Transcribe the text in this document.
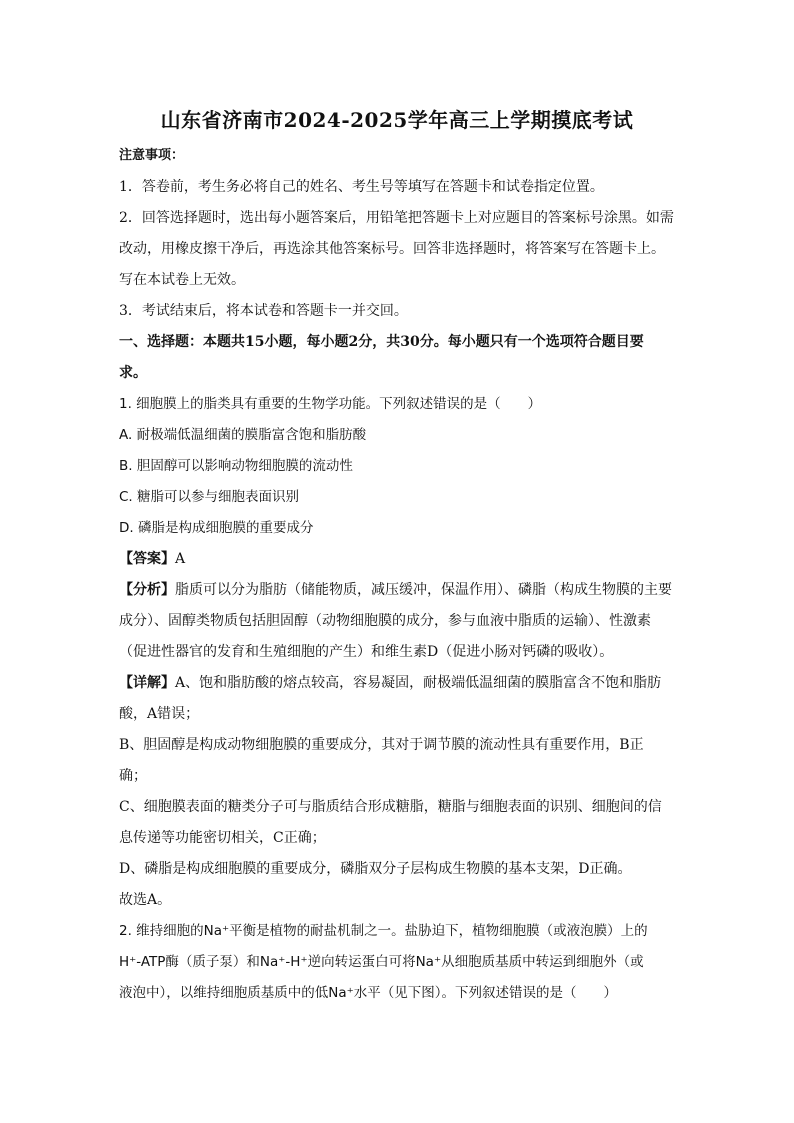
山东省济南市2024-2025学年高三上学期摸底考试
注意事项：
1．答卷前，考生务必将自己的姓名、考生号等填写在答题卡和试卷指定位置。
2．回答选择题时，选出每小题答案后，用铅笔把答题卡上对应题目的答案标号涂黑。如需
改动，用橡皮擦干净后，再选涂其他答案标号。回答非选择题时，将答案写在答题卡上。
写在本试卷上无效。
3．考试结束后，将本试卷和答题卡一并交回。
一、选择题：本题共15小题，每小题2分，共30分。每小题只有一个选项符合题目要
求。
1. 细胞膜上的脂类具有重要的生物学功能。下列叙述错误的是（　　）
A. 耐极端低温细菌的膜脂富含饱和脂肪酸
B. 胆固醇可以影响动物细胞膜的流动性
C. 糖脂可以参与细胞表面识别
D. 磷脂是构成细胞膜的重要成分
【答案】A
【分析】脂质可以分为脂肪（储能物质，减压缓冲，保温作用）、磷脂（构成生物膜的主要
成分）、固醇类物质包括胆固醇（动物细胞膜的成分，参与血液中脂质的运输）、性激素
（促进性器官的发育和生殖细胞的产生）和维生素D（促进小肠对钙磷的吸收）。
【详解】A、饱和脂肪酸的熔点较高，容易凝固，耐极端低温细菌的膜脂富含不饱和脂肪
酸，A错误；
B、胆固醇是构成动物细胞膜的重要成分，其对于调节膜的流动性具有重要作用，B正
确；
C、细胞膜表面的糖类分子可与脂质结合形成糖脂，糖脂与细胞表面的识别、细胞间的信
息传递等功能密切相关，C正确；
D、磷脂是构成细胞膜的重要成分，磷脂双分子层构成生物膜的基本支架，D正确。
故选A。
2. 维持细胞的Na⁺平衡是植物的耐盐机制之一。盐胁迫下，植物细胞膜（或液泡膜）上的
H⁺-ATP酶（质子泵）和Na⁺-H⁺逆向转运蛋白可将Na⁺从细胞质基质中转运到细胞外（或
液泡中），以维持细胞质基质中的低Na⁺水平（见下图）。下列叙述错误的是（　　）
